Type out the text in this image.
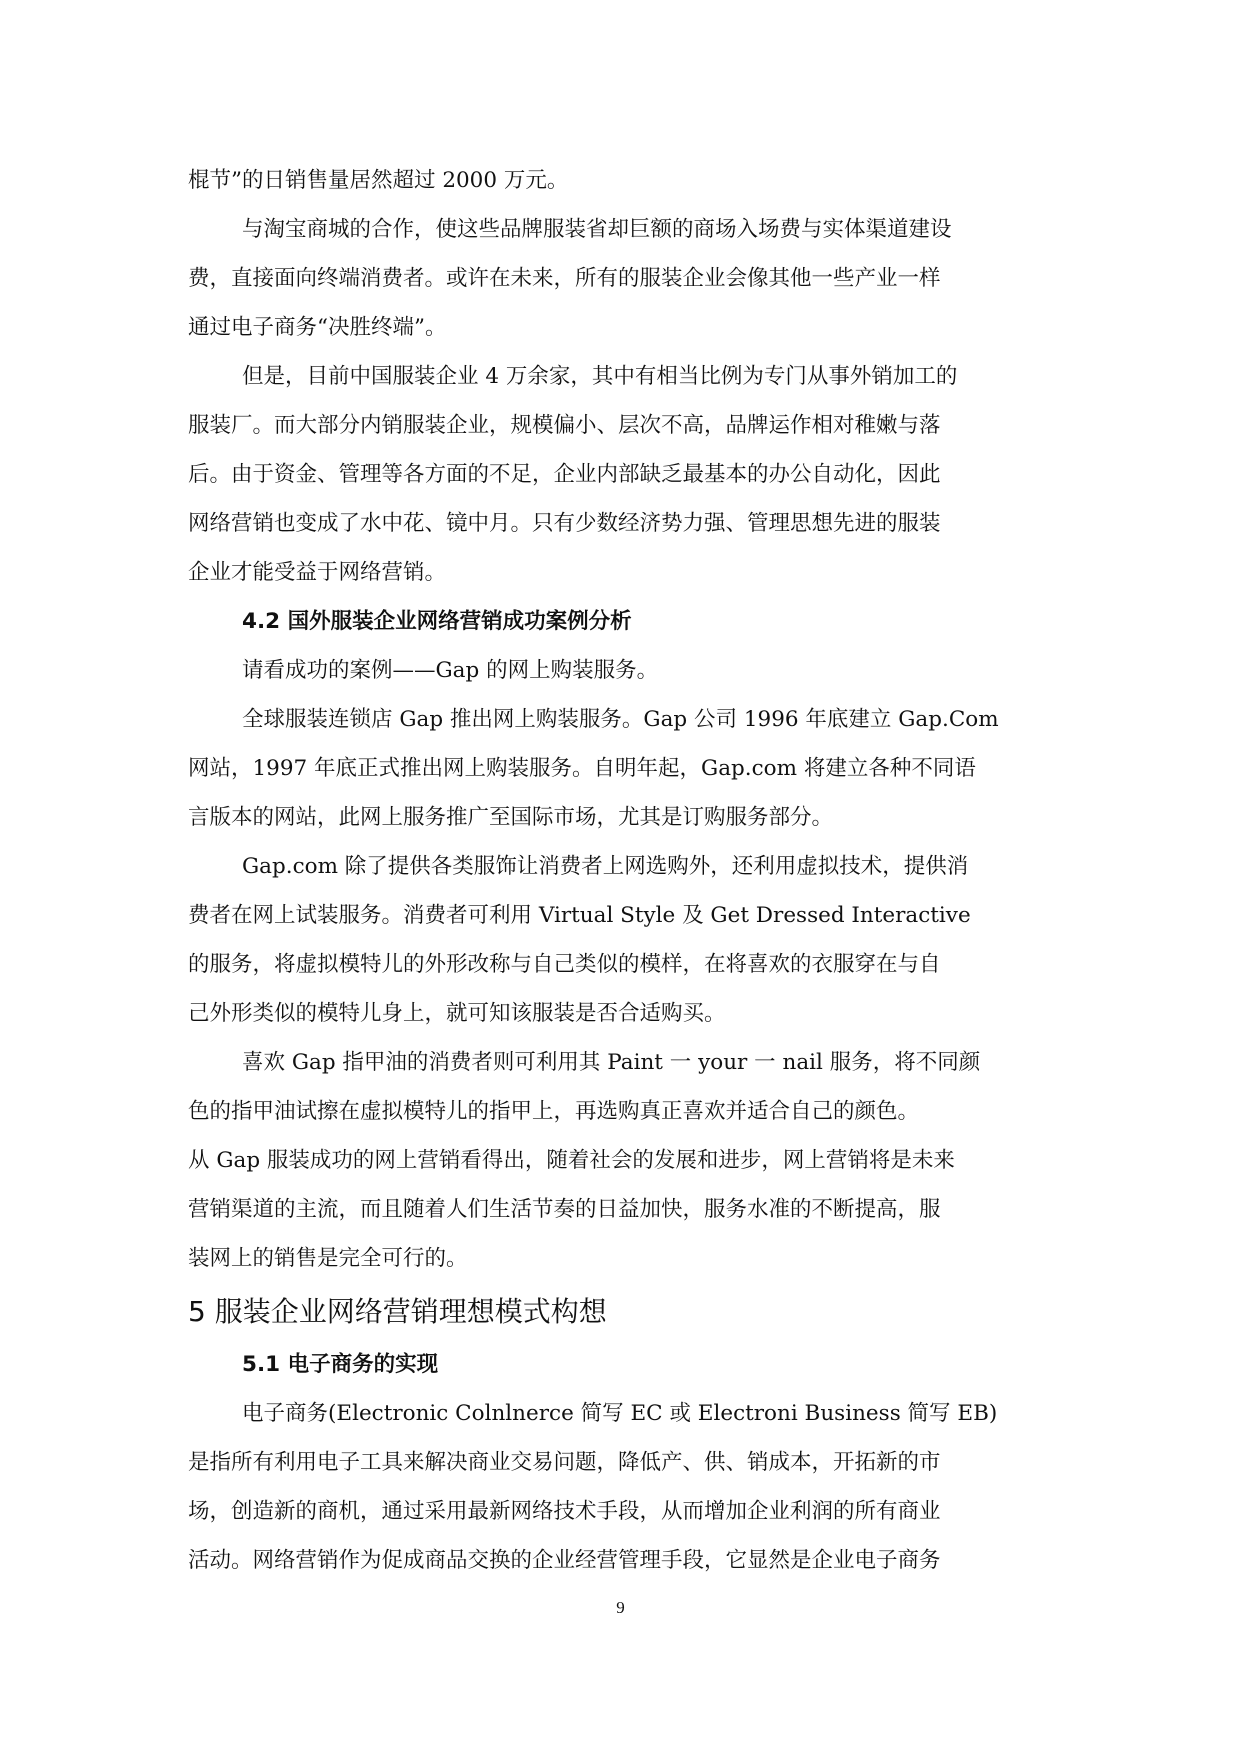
棍节”的日销售量居然超过 2000 万元。

与淘宝商城的合作，使这些品牌服装省却巨额的商场入场费与实体渠道建设
费，直接面向终端消费者。或许在未来，所有的服装企业会像其他一些产业一样
通过电子商务“决胜终端”。

但是，目前中国服装企业 4 万余家，其中有相当比例为专门从事外销加工的
服装厂。而大部分内销服装企业，规模偏小、层次不高，品牌运作相对稚嫩与落
后。由于资金、管理等各方面的不足，企业内部缺乏最基本的办公自动化，因此
网络营销也变成了水中花、镜中月。只有少数经济势力强、管理思想先进的服装
企业才能受益于网络营销。

4.2 国外服装企业网络营销成功案例分析

请看成功的案例——Gap 的网上购装服务。

全球服装连锁店 Gap 推出网上购装服务。Gap 公司 1996 年底建立 Gap.Com
网站，1997 年底正式推出网上购装服务。自明年起，Gap.com 将建立各种不同语
言版本的网站，此网上服务推广至国际市场，尤其是订购服务部分。

Gap.com 除了提供各类服饰让消费者上网选购外，还利用虚拟技术，提供消
费者在网上试装服务。消费者可利用 Virtual Style 及 Get Dressed Interactive
的服务，将虚拟模特儿的外形改称与自己类似的模样，在将喜欢的衣服穿在与自
己外形类似的模特儿身上，就可知该服装是否合适购买。

喜欢 Gap 指甲油的消费者则可利用其 Paint 一 your 一 nail 服务，将不同颜
色的指甲油试擦在虚拟模特儿的指甲上，再选购真正喜欢并适合自己的颜色。
从 Gap 服装成功的网上营销看得出，随着社会的发展和进步，网上营销将是未来
营销渠道的主流，而且随着人们生活节奏的日益加快，服务水准的不断提高，服
装网上的销售是完全可行的。

5 服装企业网络营销理想模式构想

5.1 电子商务的实现

电子商务(Electronic Colnlnerce 简写 EC 或 Electroni Business 简写 EB)
是指所有利用电子工具来解决商业交易问题，降低产、供、销成本，开拓新的市
场，创造新的商机，通过采用最新网络技术手段，从而增加企业利润的所有商业
活动。网络营销作为促成商品交换的企业经营管理手段，它显然是企业电子商务

9
